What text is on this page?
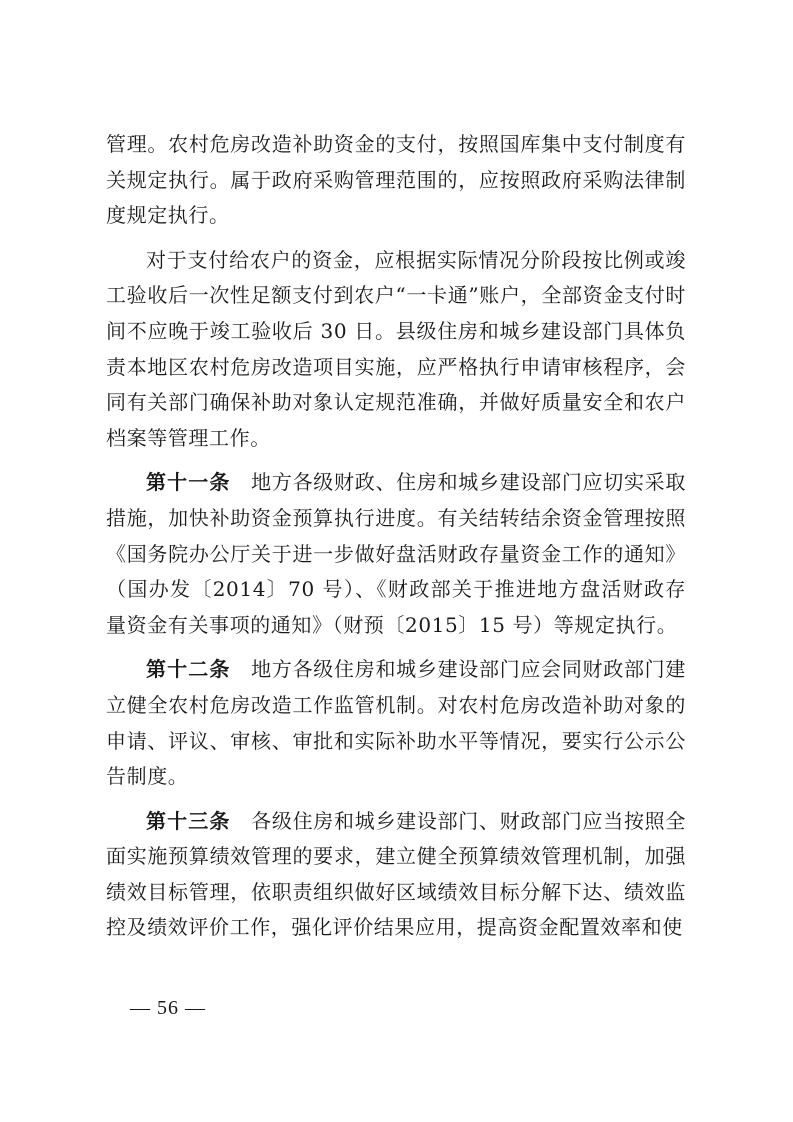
管理。农村危房改造补助资金的支付，按照国库集中支付制度有关规定执行。属于政府采购管理范围的，应按照政府采购法律制度规定执行。

对于支付给农户的资金，应根据实际情况分阶段按比例或竣工验收后一次性足额支付到农户“一卡通”账户，全部资金支付时间不应晚于竣工验收后 30 日。县级住房和城乡建设部门具体负责本地区农村危房改造项目实施，应严格执行申请审核程序，会同有关部门确保补助对象认定规范准确，并做好质量安全和农户档案等管理工作。

第十一条  地方各级财政、住房和城乡建设部门应切实采取措施，加快补助资金预算执行进度。有关结转结余资金管理按照《国务院办公厅关于进一步做好盘活财政存量资金工作的通知》（国办发〔2014〕70 号）、《财政部关于推进地方盘活财政存量资金有关事项的通知》（财预〔2015〕15 号）等规定执行。

第十二条  地方各级住房和城乡建设部门应会同财政部门建立健全农村危房改造工作监管机制。对农村危房改造补助对象的申请、评议、审核、审批和实际补助水平等情况，要实行公示公告制度。

第十三条  各级住房和城乡建设部门、财政部门应当按照全面实施预算绩效管理的要求，建立健全预算绩效管理机制，加强绩效目标管理，依职责组织做好区域绩效目标分解下达、绩效监控及绩效评价工作，强化评价结果应用，提高资金配置效率和使

— 56 —
